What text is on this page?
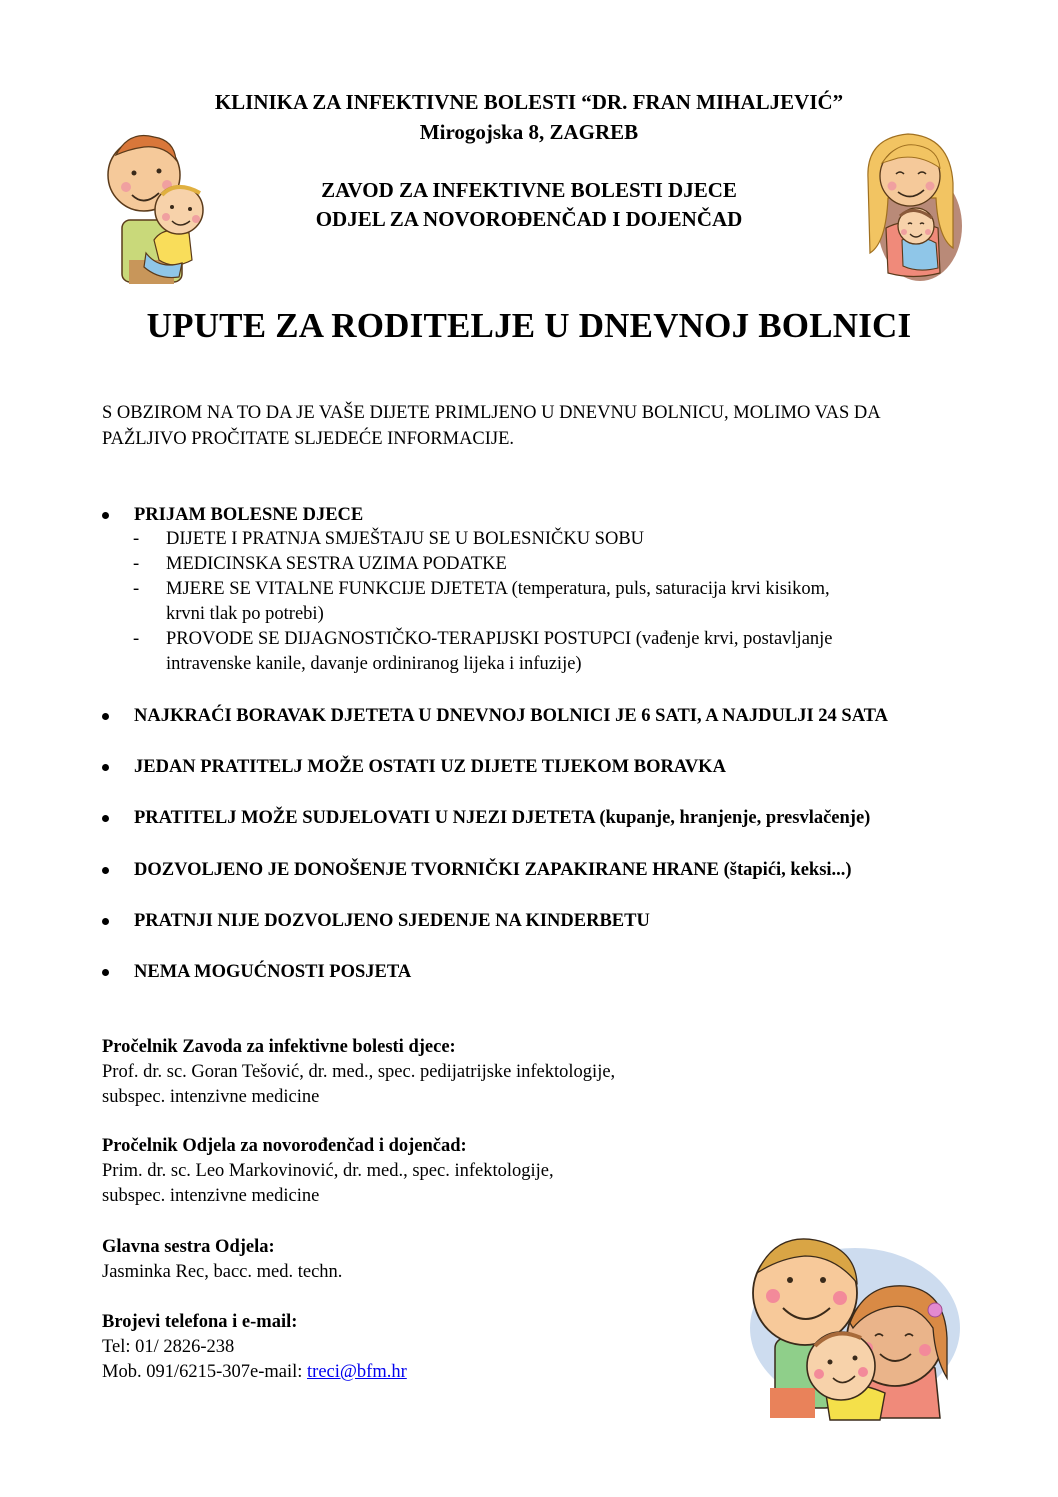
KLINIKA ZA INFEKTIVNE BOLESTI “DR. FRAN MIHALJEVIĆ”
Mirogojska 8, ZAGREB
ZAVOD ZA INFEKTIVNE BOLESTI DJECE
ODJEL ZA NOVOROĐENČAD I DOJENČAD
UPUTE ZA RODITELJE U DNEVNOJ BOLNICI
S OBZIROM NA TO DA JE VAŠE DIJETE PRIMLJENO U DNEVNU BOLNICU, MOLIMO VAS DA
PAŽLJIVO PROČITATE SLJEDEĆE INFORMACIJE.
PRIJAM BOLESNE DJECE
- DIJETE I PRATNJA SMJEŠTAJU SE U BOLESNIČKU SOBU
- MEDICINSKA SESTRA UZIMA PODATKE
- MJERE SE VITALNE FUNKCIJE DJETETA (temperatura, puls, saturacija krvi kisikom,
krvni tlak po potrebi)
- PROVODE SE DIJAGNOSTIČKO-TERAPIJSKI POSTUPCI (vađenje krvi, postavljanje
intravenske kanile, davanje ordiniranog lijeka i infuzije)
NAJKRAĆI BORAVAK DJETETA U DNEVNOJ BOLNICI JE 6 SATI, A NAJDULJI 24 SATA
JEDAN PRATITELJ MOŽE OSTATI UZ DIJETE TIJEKOM BORAVKA
PRATITELJ MOŽE SUDJELOVATI U NJEZI DJETETA (kupanje, hranjenje, presvlačenje)
DOZVOLJENO JE DONOŠENJE TVORNIČKI ZAPAKIRANE HRANE (štapići, keksi...)
PRATNJI NIJE DOZVOLJENO SJEDENJE NA KINDERBETU
NEMA MOGUĆNOSTI POSJETA
Pročelnik Zavoda za infektivne bolesti djece:
Prof. dr. sc. Goran Tešović, dr. med., spec. pedijatrijske infektologije,
subspec. intenzivne medicine
Pročelnik Odjela za novorođenčad i dojenčad:
Prim. dr. sc. Leo Markovinović, dr. med., spec. infektologije,
subspec. intenzivne medicine
Glavna sestra Odjela:
Jasminka Rec, bacc. med. techn.
Brojevi telefona i e-mail:
Tel: 01/ 2826-238
Mob. 091/6215-307e-mail: treci@bfm.hr
